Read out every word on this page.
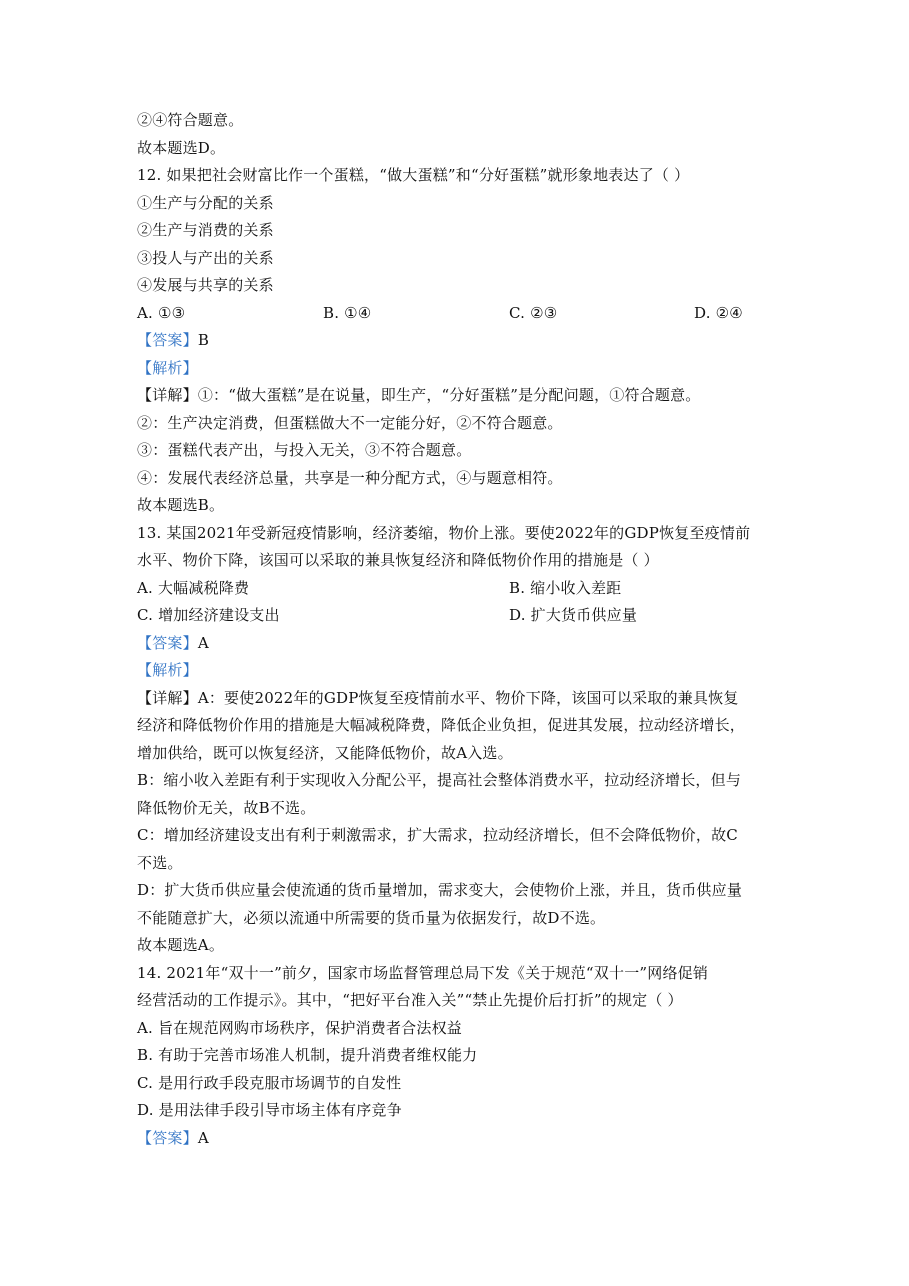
②④符合题意。
故本题选D。
12. 如果把社会财富比作一个蛋糕，“做大蛋糕”和“分好蛋糕”就形象地表达了（ ）
①生产与分配的关系
②生产与消费的关系
③投人与产出的关系
④发展与共享的关系
A. ①③	B. ①④	C. ②③	D. ②④
【答案】B
【解析】
【详解】①：“做大蛋糕”是在说量，即生产，“分好蛋糕”是分配问题，①符合题意。
②：生产决定消费，但蛋糕做大不一定能分好，②不符合题意。
③：蛋糕代表产出，与投入无关，③不符合题意。
④：发展代表经济总量，共享是一种分配方式，④与题意相符。
故本题选B。
13. 某国2021年受新冠疫情影响，经济萎缩，物价上涨。要使2022年的GDP恢复至疫情前
水平、物价下降，该国可以采取的兼具恢复经济和降低物价作用的措施是（ ）
A. 大幅减税降费	B. 缩小收入差距
C. 增加经济建设支出	D. 扩大货币供应量
【答案】A
【解析】
【详解】A：要使2022年的GDP恢复至疫情前水平、物价下降，该国可以采取的兼具恢复
经济和降低物价作用的措施是大幅减税降费，降低企业负担，促进其发展，拉动经济增长，
增加供给，既可以恢复经济，又能降低物价，故A入选。
B：缩小收入差距有利于实现收入分配公平，提高社会整体消费水平，拉动经济增长，但与
降低物价无关，故B不选。
C：增加经济建设支出有利于刺激需求，扩大需求，拉动经济增长，但不会降低物价，故C
不选。
D：扩大货币供应量会使流通的货币量增加，需求变大，会使物价上涨，并且，货币供应量
不能随意扩大，必须以流通中所需要的货币量为依据发行，故D不选。
故本题选A。
14. 2021年“双十一”前夕，国家市场监督管理总局下发《关于规范“双十一”网络促销
经营活动的工作提示》。其中，“把好平台准入关”“禁止先提价后打折”的规定（ ）
A. 旨在规范网购市场秩序，保护消费者合法权益
B. 有助于完善市场准人机制，提升消费者维权能力
C. 是用行政手段克服市场调节的自发性
D. 是用法律手段引导市场主体有序竞争
【答案】A
